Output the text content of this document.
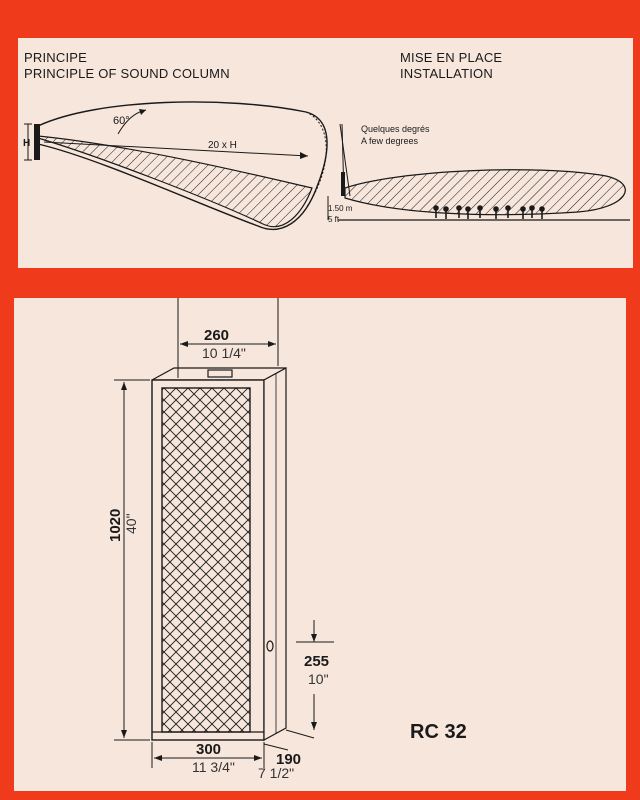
PRINCIPE
PRINCIPLE OF SOUND COLUMN
MISE EN PLACE
INSTALLATION
H
60°
20 x H
Quelques degrés
A few degrees
1.50 m
5 ft
260
10 1/4"
1020 40"
255
10"
300
11 3/4"	190
7 1/2"
RC 32
